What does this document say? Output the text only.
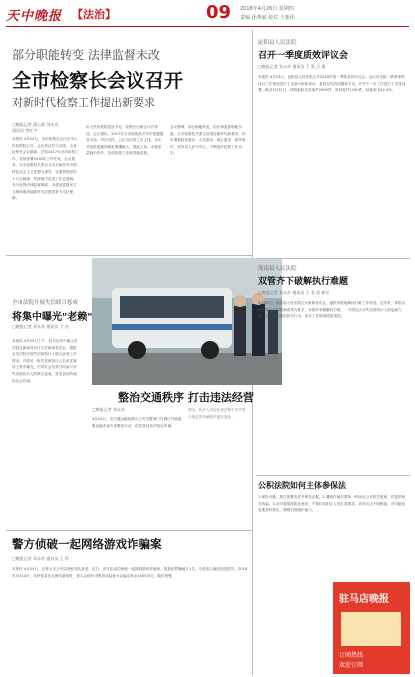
天中晚报 【法治】	09 2018年4月26日 星期四
责编 孙秀丽 校对 王新伟
部分职能转变 法律监督未改
全市检察长会议召开
对新时代检察工作提出新要求
□晚报记者 潘云霞 刘永奇
通讯员 李红宇
本报讯 4月24日，全市检察长会议在市人民检察院召开。会议传达学习全国、全省检察长会议精神，总结2017年全市检察工作，安排部署2018年工作任务。会议要求，全市检察机关要以习近平新时代中国特色社会主义思想为指导，全面贯彻党的十九大精神，坚持稳中求进工作总基调，充分发挥法律监督职能，为建设富强民主文明和谐美丽新驻马店提供有力司法保障。
市人民检察院党组书记、检察长出席会议并讲话。会议指出，2017年全市检察机关牢牢把握服务大局、司法为民、公正司法的工作主线，全年共批准逮捕刑事犯罪嫌疑人，提起公诉，办案质量稳中有升，各项检察工作取得新进展。
会议强调，部分职能转变，但法律监督职能未改。全市检察机关要主动适应新时代新要求，切实增强政治意识、大局意识、核心意识、看齐意识，坚持以人民为中心，不断提升检察工作水平。
全市法院开展失信联合惩戒
将集中曝光"老赖"
□晚报记者 刘永奇 通讯员 于 洁
本报讯 4月25日上午，驻马店市中级人民法院在新闻发布厅召开新闻发布会，通报全市法院开展失信被执行人联合惩戒工作情况，并将对一批失信被执行人名单在媒体上集中曝光，引导社会各界共同参与对失信被执行人的联合惩戒，营造良好的诚信社会环境。
整治交通秩序 打击违法经营
□晚报记者 刘永奇
4月24日，市交通运输局联合公安交警部门在城区开展道路运输市场专项整治行动，依法查处非法营运车辆。
图为：执法人员在检查过程中对不符合规定的车辆依法进行查处。
警方侦破一起网络游戏诈骗案
□晚报记者 刘永奇 通讯员 王 科
本报讯 4月24日，记者从市公安局刑侦支队获悉，近日，该支队成功侦破一起网络游戏诈骗案，抓获犯罪嫌疑人1名，为受害人挽回经济损失。2018年3月14日，市民张某在玩网络游戏时，被人以低价出售游戏装备为由骗走现金1000余元，随后报警。
泌阳县人民法院
召开一季度质效评议会
□晚报记者 刘永奇 通讯员 王 强 吕 璞
本报讯 4月23日，泌阳县人民法院召开2018年第一季度质效评议会，会议对全院一季度审判执行工作情况进行了全面分析和讲评，查找存在的问题和不足，并对下一步工作进行了安排部署。截至3月31日，该院新收各类案件2900件，审结案件1230件，结案率为42.4%。
汝南县人民法院
双管齐下破解执行难题
□晚报记者 刘永奇 通讯员 王 金 雷 新民
4月24日，汝南县人民法院召开新闻发布会，通报该院破解执行难工作情况。近年来，该院以深化执行体制机制改革为抓手，多措并举破解执行难，一方面加大对失信被执行人的惩戒力度，另一方面规范执行行为，执行工作取得明显成效。
公积法院如何主体参保法
1.保持冷静，拨打报警电话并保存证据。2.遭到诈骗后要第一时间向公安机关报案，并提供相关线索。3.平时要提高防范意识，不要轻信陌生人的汇款要求，切勿点击不明链接，对可疑信息要及时核实，增强自我保护能力。
驻马店晚报
订阅热线
欢迎订阅
